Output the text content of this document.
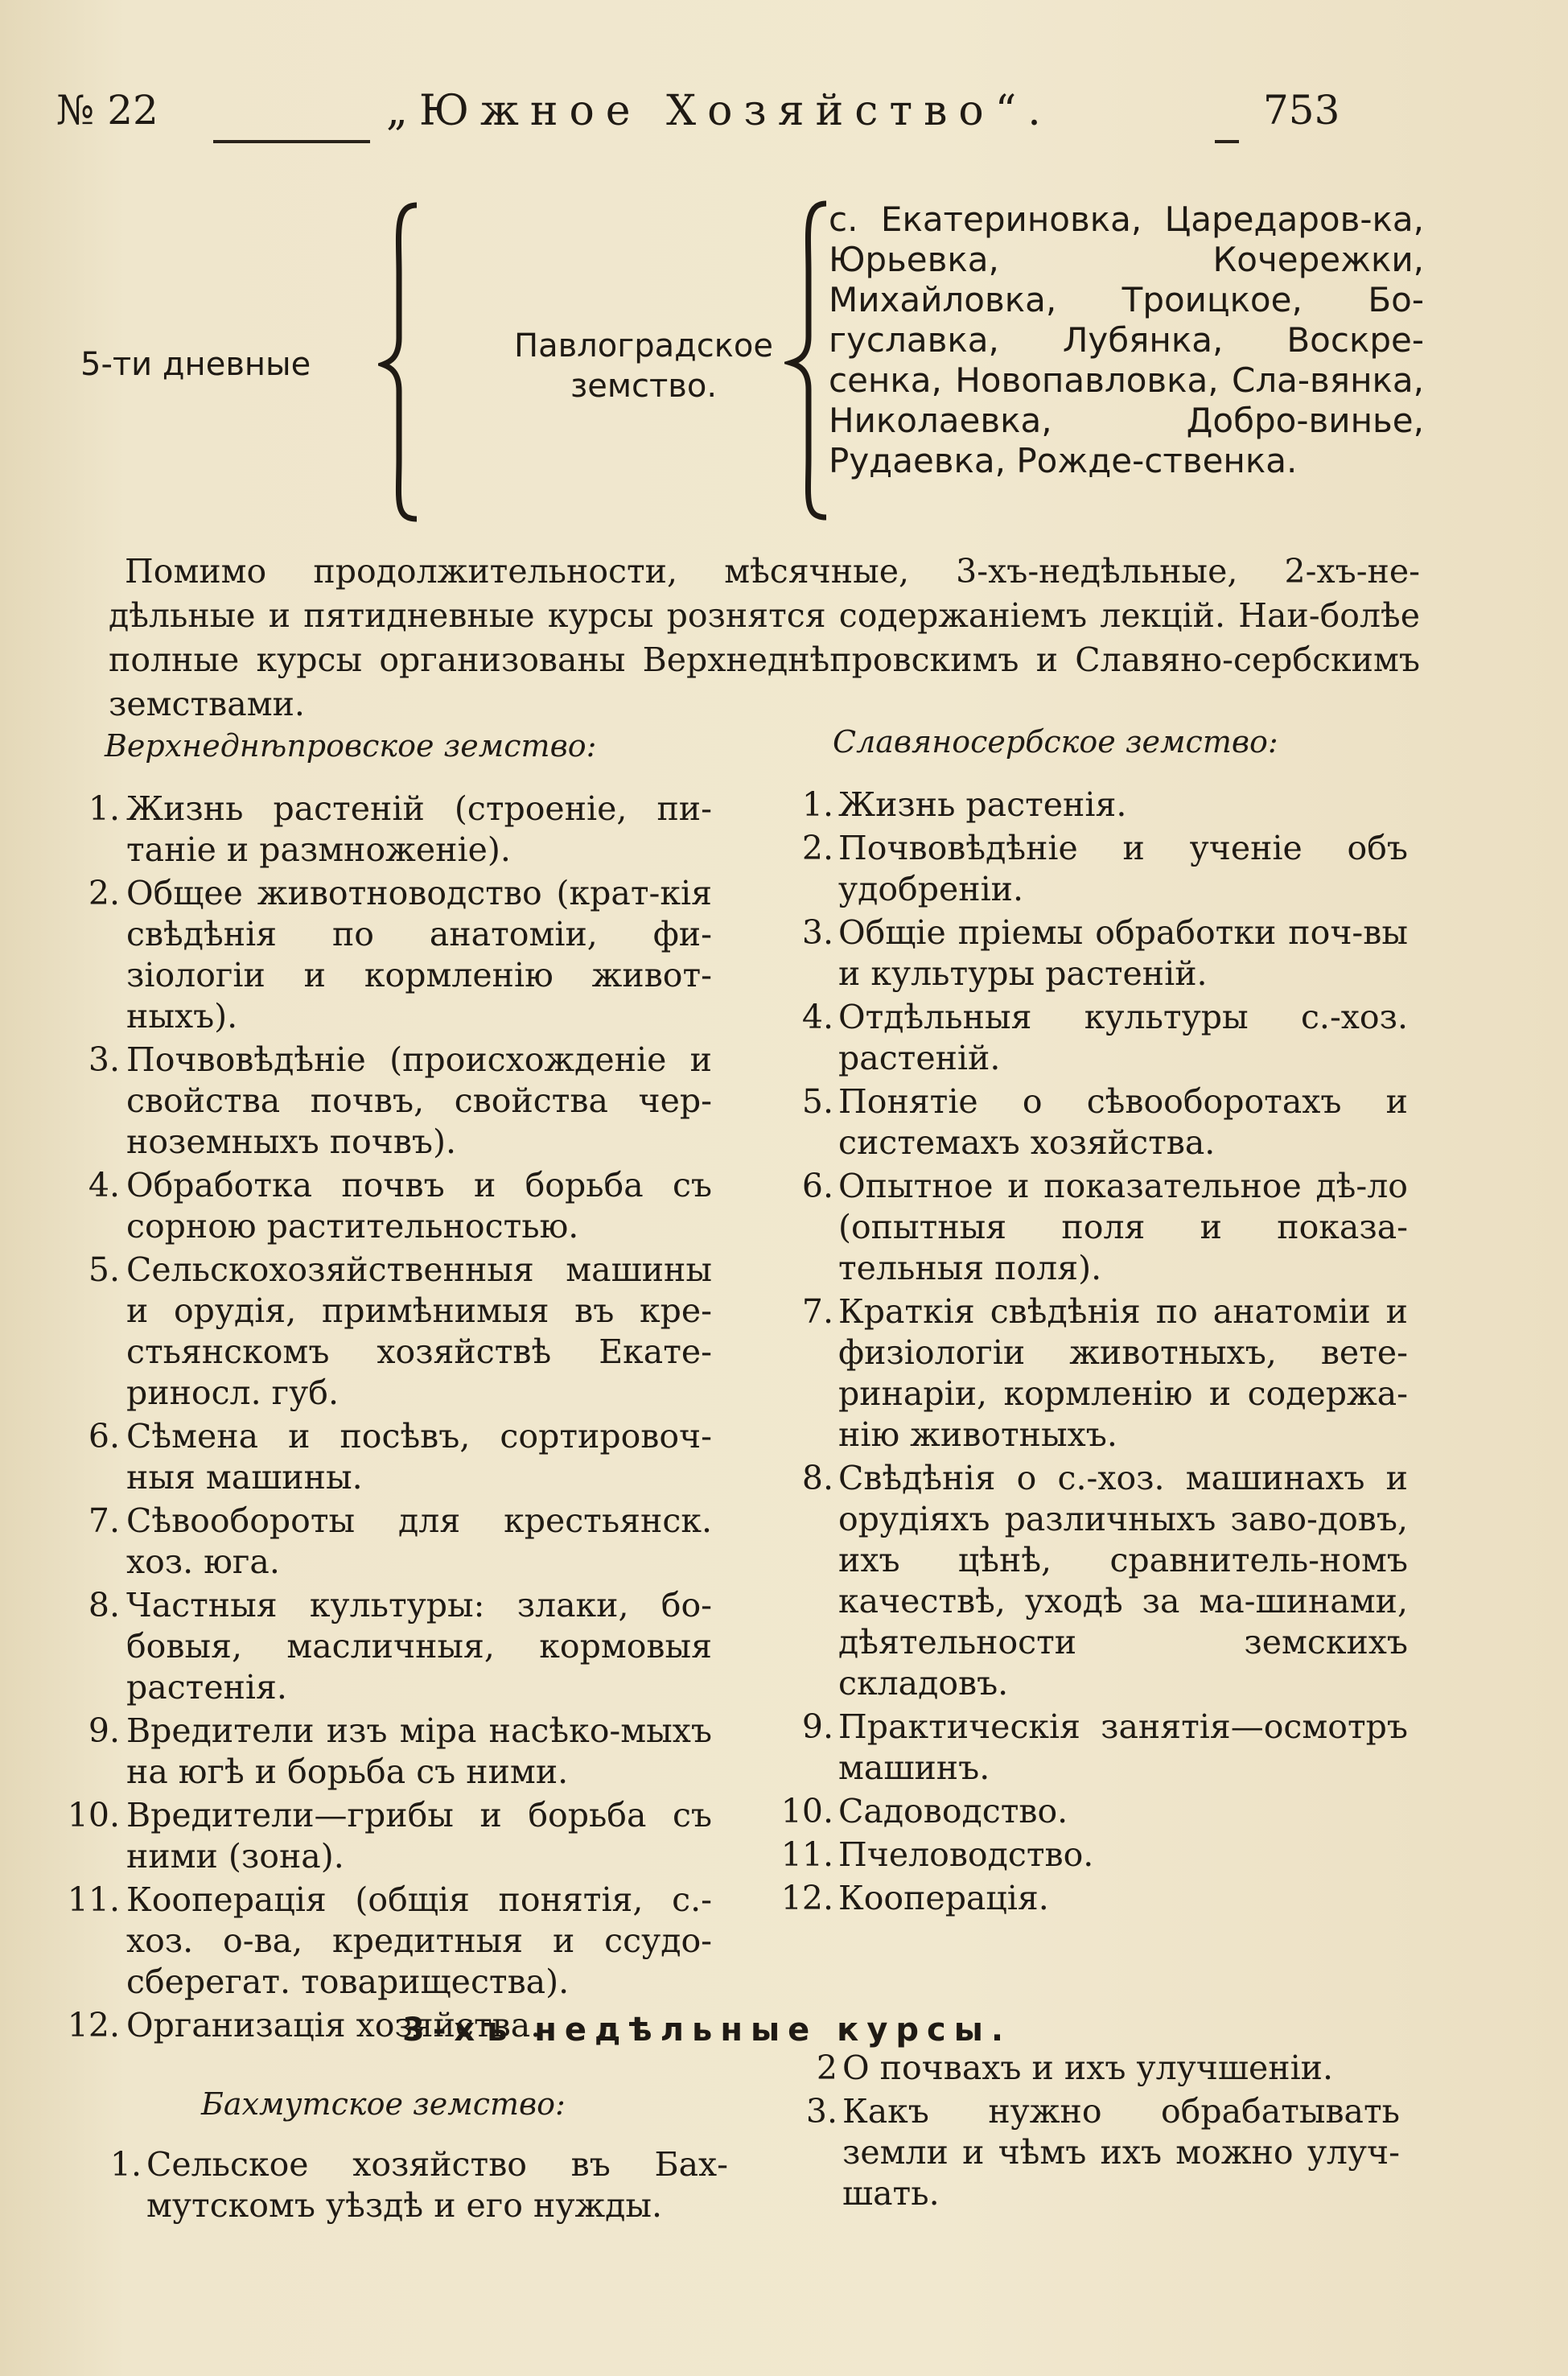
№ 22	„Южное Хозяйство“.	753
5-ти дневные	Павлоградское
земство.
с. Екатериновка, Царедаров-ка, Юрьевка, Кочережки, Михайловка, Троицкое, Бо-гуславка, Лубянка, Воскре-сенка, Новопавловка, Сла-вянка, Николаевка, Добро-винье, Рудаевка, Рожде-ственка.

Помимо продолжительности, мѣсячные, 3-хъ-недѣльные, 2-хъ-не-дѣльные и пятидневные курсы рознятся содержаніемъ лекцій. Наи-болѣе полные курсы организованы Верхнеднѣпровскимъ и Славяно-сербскимъ земствами.

Верхнеднѣпровское земство:	Славяносербское земство:
1. Жизнь растеній (строеніе, пи-таніе и размноженіе).
2. Общее животноводство (крат-кія свѣдѣнія по анатоміи, фи-зіологіи и кормленію живот-ныхъ).
3. Почвовѣдѣніе (происхожденіе и свойства почвъ, свойства чер-ноземныхъ почвъ).
4. Обработка почвъ и борьба съ сорною растительностью.
5. Сельскохозяйственныя машины и орудія, примѣнимыя въ кре-стьянскомъ хозяйствѣ Екате-риносл. губ.
6. Сѣмена и посѣвъ, сортировоч-ныя машины.
7. Сѣвообороты для крестьянск. хоз. юга.
8. Частныя культуры: злаки, бо-бовыя, масличныя, кормовыя растенія.
9. Вредители изъ міра насѣко-мыхъ на югѣ и борьба съ ними.
10. Вредители—грибы и борьба съ ними (зона).
11. Кооперація (общія понятія, с.-хоз. о-ва, кредитныя и ссудо-сберегат. товарищества).
12. Организація хозяйства.
1. Жизнь растенія.
2. Почвовѣдѣніе и ученіе объ удобреніи.
3. Общіе пріемы обработки поч-вы и культуры растеній.
4. Отдѣльныя культуры с.-хоз. растеній.
5. Понятіе о сѣвооборотахъ и системахъ хозяйства.
6. Опытное и показательное дѣ-ло (опытныя поля и показа-тельныя поля).
7. Краткія свѣдѣнія по анатоміи и физіологіи животныхъ, вете-ринаріи, кормленію и содержа-нію животныхъ.
8. Свѣдѣнія о с.-хоз. машинахъ и орудіяхъ различныхъ заво-довъ, ихъ цѣнѣ, сравнитель-номъ качествѣ, уходѣ за ма-шинами, дѣятельности земскихъ складовъ.
9. Практическія занятія—осмотръ машинъ.
10. Садоводство.
11. Пчеловодство.
12. Кооперація.
3-хъ недѣльные курсы.
Бахмутское земство:
1. Сельское хозяйство въ Бах-мутскомъ уѣздѣ и его нужды.
2 О почвахъ и ихъ улучшеніи.
3. Какъ нужно обрабатывать земли и чѣмъ ихъ можно улуч-шать.
